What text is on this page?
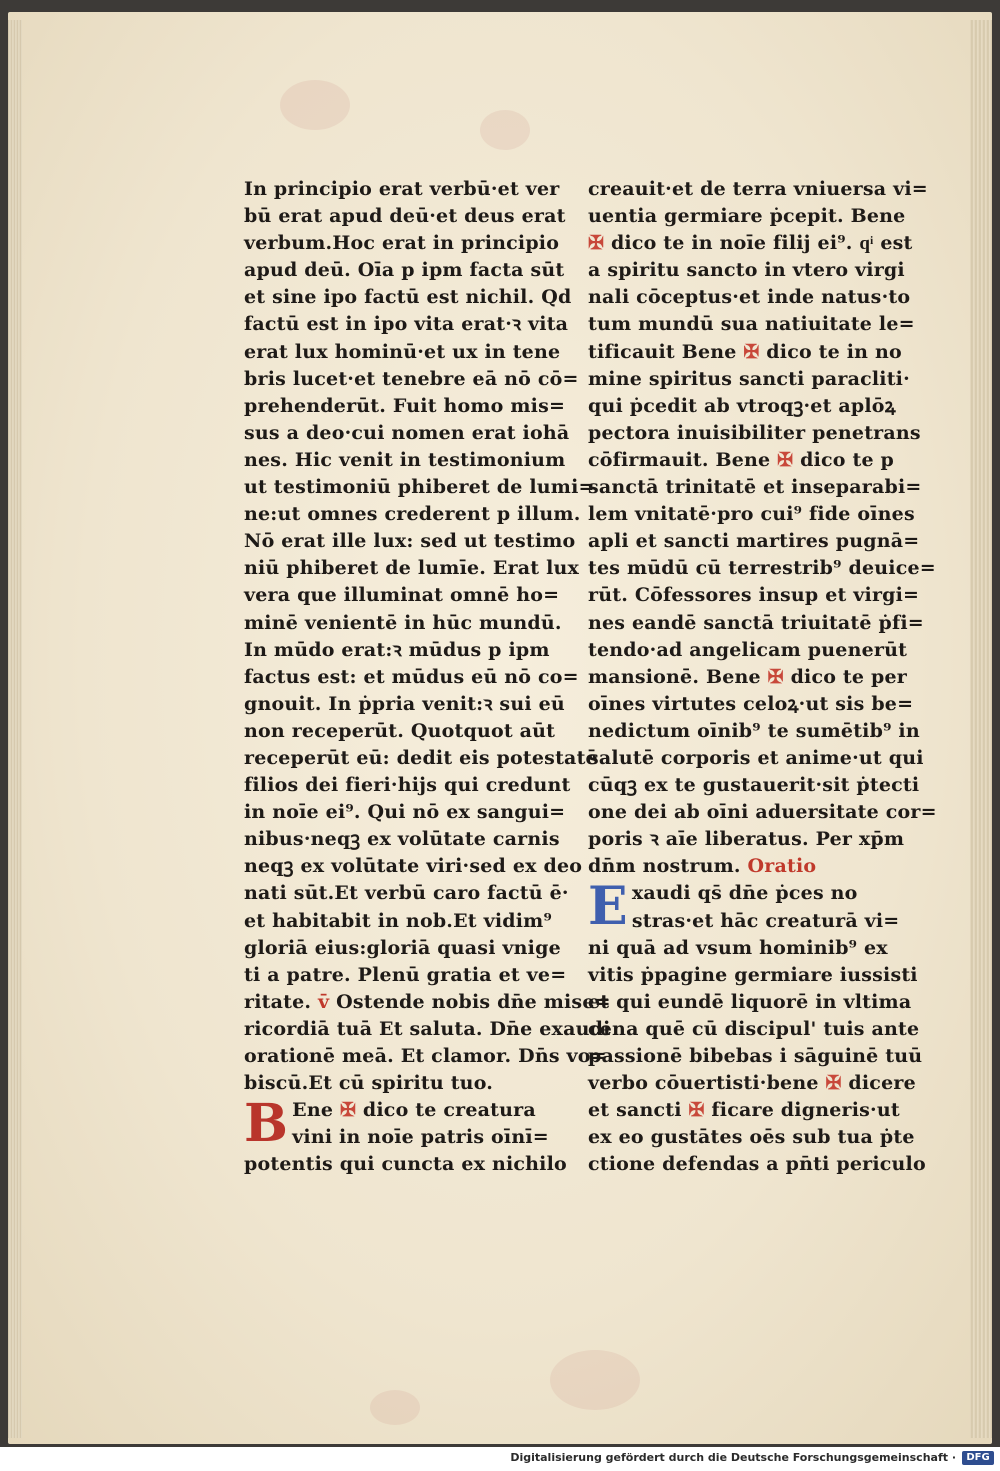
In principio erat verbū·et ver
bū erat apud deū·et deus erat
verbum.Hoc erat in principio
apud deū. Oīa p ipm facta sūt
et sine ipo factū est nichil. Qd
factū est in ipo vita erat·ꝛ vita
erat lux hominū·et ux in tene
bris lucet·et tenebre eā nō cō=
prehenderūt. Fuit homo mis=
sus a deo·cui nomen erat iohā
nes. Hic venit in testimonium
ut testimoniū phiberet de lumi=
ne:ut omnes crederent p illum.
Nō erat ille lux: sed ut testimo
niū phiberet de lumīe. Erat lux
vera que illuminat omnē ho=
minē venientē in hūc mundū.
In mūdo erat:ꝛ mūdus p ipm
factus est: et mūdus eū nō co=
gnouit. In ṗpria venit:ꝛ sui eū
non receperūt. Quotquot aūt
receperūt eū: dedit eis potestatē
filios dei fieri·hijs qui credunt
in noīe ei⁹. Qui nō ex sangui=
nibus·neqꝫ ex volūtate carnis
neqꝫ ex volūtate viri·sed ex deo
nati sūt.Et verbū caro factū ē·
et habitabit in nob.Et vidim⁹
gloriā eius:gloriā quasi vnige
ti a patre. Plenū gratia et ve=
ritate. v̄ Ostende nobis dn̄e mise=
ricordiā tuā Et saluta. Dn̄e exaudi
orationē meā. Et clamor. Dn̄s vo=
biscū.Et cū spiritu tuo.
B Ene ✠ dico te creatura
vini in noīe patris oīnī=
potentis qui cuncta ex nichilo
creauit·et de terra vniuersa vi=
uentia germiare ṗcepit. Bene
✠ dico te in noīe filij ei⁹. qͥ est
a spiritu sancto in vtero virgi
nali cōceptus·et inde natus·to
tum mundū sua natiuitate le=
tificauit Bene ✠ dico te in no
mine spiritus sancti paracliti·
qui ṗcedit ab vtroqꝫ·et aplōꝝ
pectora inuisibiliter penetrans
cōfirmauit. Bene ✠ dico te p
sanctā trinitatē et inseparabi=
lem vnitatē·pro cui⁹ fide oīnes
apli et sancti martires pugnā=
tes mūdū cū terrestrib⁹ deuice=
rūt. Cōfessores insup et virgi=
nes eandē sanctā triuitatē ṗfi=
tendo·ad angelicam puenerūt
mansionē. Bene ✠ dico te per
oīnes virtutes celoꝝ·ut sis be=
nedictum oīnib⁹ te sumētib⁹ in
salutē corporis et anime·ut qui
cūqꝫ ex te gustauerit·sit ṗtecti
one dei ab oīni aduersitate cor=
poris ꝛ aīe liberatus. Per xp̄m
dn̄m nostrum. Oratio
Exaudi qs̄ dn̄e ṗces no
stras·et hāc creaturā vi=
ni quā ad vsum hominib⁹ ex
vitis ṗpagine germiare iussisti
et qui eundē liquorē in vltima
cena quē cū discipul' tuis ante
passionē bibebas i sāguinē tuū
verbo cōuertisti·bene ✠ dicere
et sancti ✠ ficare digneris·ut
ex eo gustātes oēs sub tua ṗte
ctione defendas a pn̄ti periculo
Digitalisierung gefördert durch die Deutsche Forschungsgemeinschaft ·	DFG
